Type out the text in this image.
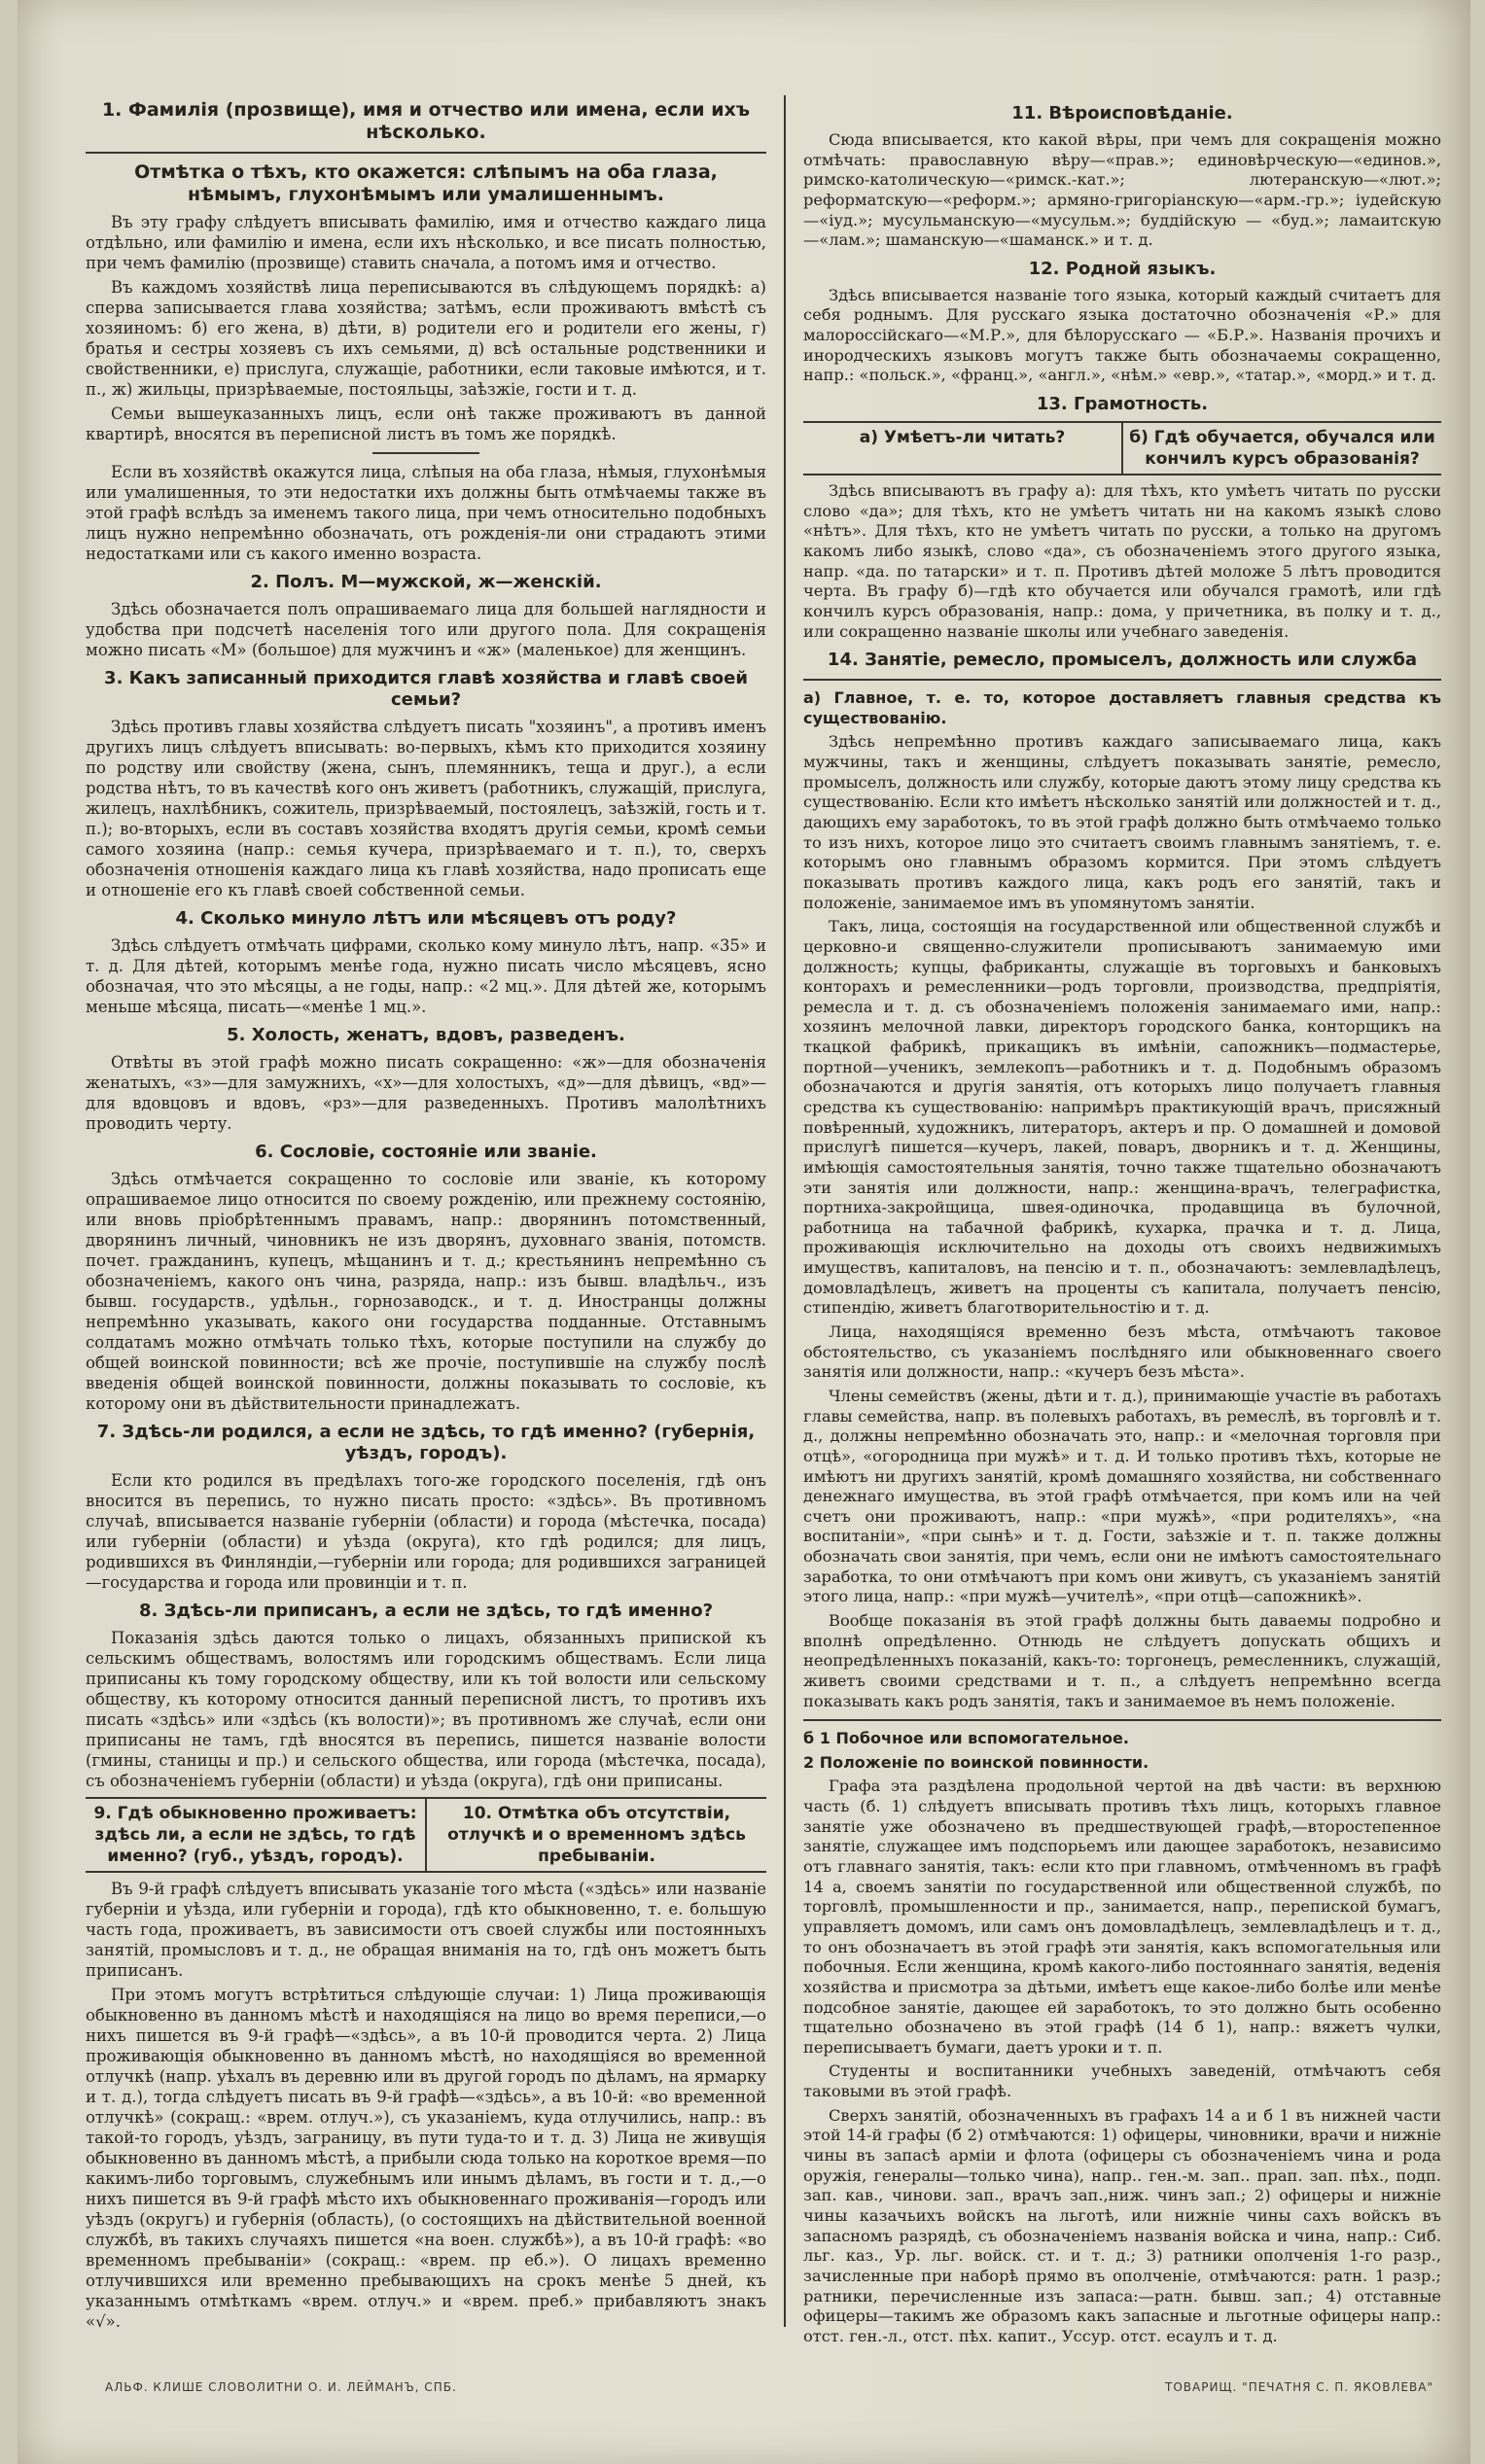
1. Фамилія (прозвище), имя и отчество или имена, если ихъ нѣсколько.
Отмѣтка о тѣхъ, кто окажется: слѣпымъ на оба глаза, нѣмымъ, глухонѣмымъ или умалишеннымъ.

Въ эту графу слѣдуетъ вписывать фамилію, имя и отчество каждаго лица отдѣльно, или фамилію и имена, если ихъ нѣсколько, и все писать полностью, при чемъ фамилію (прозвище) ставить сначала, а потомъ имя и отчество.

Въ каждомъ хозяйствѣ лица переписываются въ слѣдующемъ порядкѣ: а) сперва записывается глава хозяйства; затѣмъ, если проживаютъ вмѣстѣ съ хозяиномъ: б) его жена, в) дѣти, в) родители его и родители его жены, г) братья и сестры хозяевъ съ ихъ семьями, д) всѣ остальные родственники и свойственники, е) прислуга, служащіе, работники, если таковые имѣются, и т. п., ж) жильцы, призрѣваемые, постояльцы, заѣзжіе, гости и т. д.

Семьи вышеуказанныхъ лицъ, если онѣ также проживаютъ въ данной квартирѣ, вносятся въ переписной листъ въ томъ же порядкѣ.

Если въ хозяйствѣ окажутся лица, слѣпыя на оба глаза, нѣмыя, глухонѣмыя или умалишенныя, то эти недостатки ихъ должны быть отмѣчаемы также въ этой графѣ вслѣдъ за именемъ такого лица, при чемъ относительно подобныхъ лицъ нужно непремѣнно обозначать, отъ рожденія-ли они страдаютъ этими недостатками или съ какого именно возраста.

2. Полъ. М—мужской, ж—женскій.

Здѣсь обозначается полъ опрашиваемаго лица для большей наглядности и удобства при подсчетѣ населенія того или другого пола. Для сокращенія можно писать «М» (большое) для мужчинъ и «ж» (маленькое) для женщинъ.

3. Какъ записанный приходится главѣ хозяйства и главѣ своей семьи?

Здѣсь противъ главы хозяйства слѣдуетъ писать "хозяинъ", а противъ именъ другихъ лицъ слѣдуетъ вписывать: во-первыхъ, кѣмъ кто приходится хозяину по родству или свойству (жена, сынъ, племянникъ, теща и друг.), а если родства нѣтъ, то въ качествѣ кого онъ живетъ (работникъ, служащій, прислуга, жилецъ, нахлѣбникъ, сожитель, призрѣваемый, постоялецъ, заѣзжій, гость и т. п.); во-вторыхъ, если въ составъ хозяйства входятъ другія семьи, кромѣ семьи самого хозяина (напр.: семья кучера, призрѣваемаго и т. п.), то, сверхъ обозначенія отношенія каждаго лица къ главѣ хозяйства, надо прописать еще и отношеніе его къ главѣ своей собственной семьи.

4. Сколько минуло лѣтъ или мѣсяцевъ отъ роду?

Здѣсь слѣдуетъ отмѣчать цифрами, сколько кому минуло лѣтъ, напр. «35» и т. д. Для дѣтей, которымъ менѣе года, нужно писать число мѣсяцевъ, ясно обозначая, что это мѣсяцы, а не годы, напр.: «2 мц.». Для дѣтей же, которымъ меньше мѣсяца, писать—«менѣе 1 мц.».

5. Холость, женатъ, вдовъ, разведенъ.

Отвѣты въ этой графѣ можно писать сокращенно: «ж»—для обозначенія женатыхъ, «з»—для замужнихъ, «х»—для холостыхъ, «д»—для дѣвицъ, «вд»—для вдовцовъ и вдовъ, «рз»—для разведенныхъ. Противъ малолѣтнихъ проводить черту.

6. Сословіе, состояніе или званіе.

Здѣсь отмѣчается сокращенно то сословіе или званіе, къ которому опрашиваемое лицо относится по своему рожденію, или прежнему состоянію, или вновь пріобрѣтеннымъ правамъ, напр.: дворянинъ потомственный, дворянинъ личный, чиновникъ не изъ дворянъ, духовнаго званія, потомств. почет. гражданинъ, купецъ, мѣщанинъ и т. д.; крестьянинъ непремѣнно съ обозначеніемъ, какого онъ чина, разряда, напр.: изъ бывш. владѣльч., изъ бывш. государств., удѣльн., горнозаводск., и т. д. Иностранцы должны непремѣнно указывать, какого они государства подданные. Отставнымъ солдатамъ можно отмѣчать только тѣхъ, которые поступили на службу до общей воинской повинности; всѣ же прочіе, поступившіе на службу послѣ введенія общей воинской повинности, должны показывать то сословіе, къ которому они въ дѣйствительности принадлежатъ.

7. Здѣсь-ли родился, а если не здѣсь, то гдѣ именно? (губернія, уѣздъ, городъ).

Если кто родился въ предѣлахъ того-же городского поселенія, гдѣ онъ вносится въ перепись, то нужно писать просто: «здѣсь». Въ противномъ случаѣ, вписывается названіе губерніи (области) и города (мѣстечка, посада) или губерніи (области) и уѣзда (округа), кто гдѣ родился; для лицъ, родившихся въ Финляндіи,—губерніи или города; для родившихся заграницей—государства и города или провинціи и т. п.

8. Здѣсь-ли приписанъ, а если не здѣсь, то гдѣ именно?

Показанія здѣсь даются только о лицахъ, обязанныхъ припиской къ сельскимъ обществамъ, волостямъ или городскимъ обществамъ. Если лица приписаны къ тому городскому обществу, или къ той волости или сельскому обществу, къ которому относится данный переписной листъ, то противъ ихъ писать «здѣсь» или «здѣсь (къ волости)»; въ противномъ же случаѣ, если они приписаны не тамъ, гдѣ вносятся въ перепись, пишется названіе волости (гмины, станицы и пр.) и сельского общества, или города (мѣстечка, посада), съ обозначеніемъ губерніи (области) и уѣзда (округа), гдѣ они приписаны.

9. Гдѣ обыкновенно проживаетъ: здѣсь ли, а если не здѣсь, то гдѣ именно? (губ., уѣздъ, городъ).
10. Отмѣтка объ отсутствіи, отлучкѣ и о временномъ здѣсь пребываніи.

Въ 9-й графѣ слѣдуетъ вписывать указаніе того мѣста («здѣсь» или названіе губерніи и уѣзда, или губерніи и города), гдѣ кто обыкновенно, т. е. большую часть года, проживаетъ, въ зависимости отъ своей службы или постоянныхъ занятій, промысловъ и т. д., не обращая вниманія на то, гдѣ онъ можетъ быть приписанъ.

При этомъ могутъ встрѣтиться слѣдующіе случаи: 1) Лица проживающія обыкновенно въ данномъ мѣстѣ и находящіяся на лицо во время переписи,—о нихъ пишется въ 9-й графѣ—«здѣсь», а въ 10-й проводится черта. 2) Лица проживающія обыкновенно въ данномъ мѣстѣ, но находящіяся во временной отлучкѣ (напр. уѣхалъ въ деревню или въ другой городъ по дѣламъ, на ярмарку и т. д.), тогда слѣдуетъ писать въ 9-й графѣ—«здѣсь», а въ 10-й: «во временной отлучкѣ» (сокращ.: «врем. отлуч.»), съ указаніемъ, куда отлучились, напр.: въ такой-то городъ, уѣздъ, заграницу, въ пути туда-то и т. д. 3) Лица не живущія обыкновенно въ данномъ мѣстѣ, а прибыли сюда только на короткое время—по какимъ-либо торговымъ, служебнымъ или инымъ дѣламъ, въ гости и т. д.,—о нихъ пишется въ 9-й графѣ мѣсто ихъ обыкновеннаго проживанія—городъ или уѣздъ (округъ) и губернія (область), (о состоящихъ на дѣйствительной военной службѣ, въ такихъ случаяхъ пишется «на воен. службѣ»), а въ 10-й графѣ: «во временномъ пребываніи» (сокращ.: «врем. пр еб.»). О лицахъ временно отлучившихся или временно пребывающихъ на срокъ менѣе 5 дней, къ указаннымъ отмѣткамъ «врем. отлуч.» и «врем. преб.» прибавляютъ знакъ «√».

11. Вѣроисповѣданіе.

Сюда вписывается, кто какой вѣры, при чемъ для сокращенія можно отмѣчать: православную вѣру—«прав.»; единовѣрческую—«единов.», римско-католическую—«римск.-кат.»; лютеранскую—«лют.»; реформатскую—«реформ.»; армяно-григоріанскую—«арм.-гр.»; іудейскую—«іуд.»; мусульманскую—«мусульм.»; буддійскую — «буд.»; ламаитскую—«лам.»; шаманскую—«шаманск.» и т. д.

12. Родной языкъ.

Здѣсь вписывается названіе того языка, который каждый считаетъ для себя роднымъ. Для русскаго языка достаточно обозначенія «Р.» для малороссійскаго—«М.Р.», для бѣлорусскаго — «Б.Р.». Названія прочихъ и инородческихъ языковъ могутъ также быть обозначаемы сокращенно, напр.: «польск.», «франц.», «англ.», «нѣм.» «евр.», «татар.», «морд.» и т. д.

13. Грамотность.
а) Умѣетъ-ли читать?	б) Гдѣ обучается, обучался или кончилъ курсъ образованія?

Здѣсь вписываютъ въ графу а): для тѣхъ, кто умѣетъ читать по русски слово «да»; для тѣхъ, кто не умѣетъ читать ни на какомъ языкѣ слово «нѣтъ». Для тѣхъ, кто не умѣетъ читать по русски, а только на другомъ какомъ либо языкѣ, слово «да», съ обозначеніемъ этого другого языка, напр. «да. по татарски» и т. п. Противъ дѣтей моложе 5 лѣтъ проводится черта. Въ графу б)—гдѣ кто обучается или обучался грамотѣ, или гдѣ кончилъ курсъ образованія, напр.: дома, у причетника, въ полку и т. д., или сокращенно названіе школы или учебнаго заведенія.

14. Занятіе, ремесло, промыселъ, должность или служба
а) Главное, т. е. то, которое доставляетъ главныя средства къ существованію.

Здѣсь непремѣнно противъ каждаго записываемаго лица, какъ мужчины, такъ и женщины, слѣдуетъ показывать занятіе, ремесло, промыселъ, должность или службу, которые даютъ этому лицу средства къ существованію. Если кто имѣетъ нѣсколько занятій или должностей и т. д., дающихъ ему заработокъ, то въ этой графѣ должно быть отмѣчаемо только то изъ нихъ, которое лицо это считаетъ своимъ главнымъ занятіемъ, т. е. которымъ оно главнымъ образомъ кормится. При этомъ слѣдуетъ показывать противъ каждого лица, какъ родъ его занятій, такъ и положеніе, занимаемое имъ въ упомянутомъ занятіи.

Такъ, лица, состоящія на государственной или общественной службѣ и церковно-и священно-служители прописываютъ занимаемую ими должность; купцы, фабриканты, служащіе въ торговыхъ и банковыхъ конторахъ и ремесленники—родъ торговли, производства, предпріятія, ремесла и т. д. съ обозначеніемъ положенія занимаемаго ими, напр.: хозяинъ мелочной лавки, директоръ городского банка, конторщикъ на ткацкой фабрикѣ, прикащикъ въ имѣніи, сапожникъ—подмастерье, портной—ученикъ, землекопъ—работникъ и т. д. Подобнымъ образомъ обозначаются и другія занятія, отъ которыхъ лицо получаетъ главныя средства къ существованію: напримѣръ практикующій врачъ, присяжный повѣренный, художникъ, литераторъ, актеръ и пр. О домашней и домовой прислугѣ пишется—кучеръ, лакей, поваръ, дворникъ и т. д. Женщины, имѣющія самостоятельныя занятія, точно также тщательно обозначаютъ эти занятія или должности, напр.: женщина-врачъ, телеграфистка, портниха-закройщица, швея-одиночка, продавщица въ булочной, работница на табачной фабрикѣ, кухарка, прачка и т. д. Лица, проживающія исключительно на доходы отъ своихъ недвижимыхъ имуществъ, капиталовъ, на пенсію и т. п., обозначаютъ: землевладѣлецъ, домовладѣлецъ, живетъ на проценты съ капитала, получаетъ пенсію, стипендію, живетъ благотворительностію и т. д.

Лица, находящіяся временно безъ мѣста, отмѣчаютъ таковое обстоятельство, съ указаніемъ послѣдняго или обыкновеннаго своего занятія или должности, напр.: «кучеръ безъ мѣста».

Члены семействъ (жены, дѣти и т. д.), принимающіе участіе въ работахъ главы семейства, напр. въ полевыхъ работахъ, въ ремеслѣ, въ торговлѣ и т. д., должны непремѣнно обозначать это, напр.: и «мелочная торговля при отцѣ», «огородница при мужѣ» и т. д. И только противъ тѣхъ, которые не имѣютъ ни другихъ занятій, кромѣ домашняго хозяйства, ни собственнаго денежнаго имущества, въ этой графѣ отмѣчается, при комъ или на чей счетъ они проживаютъ, напр.: «при мужѣ», «при родителяхъ», «на воспитаніи», «при сынѣ» и т. д. Гости, заѣзжіе и т. п. также должны обозначать свои занятія, при чемъ, если они не имѣютъ самостоятельнаго заработка, то они отмѣчаютъ при комъ они живутъ, съ указаніемъ занятій этого лица, напр.: «при мужѣ—учителѣ», «при отцѣ—сапожникѣ».

Вообще показанія въ этой графѣ должны быть даваемы подробно и вполнѣ опредѣленно. Отнюдь не слѣдуетъ допускать общихъ и неопредѣленныхъ показаній, какъ-то: торгонецъ, ремесленникъ, служащій, живетъ своими средствами и т. п., а слѣдуетъ непремѣнно всегда показывать какъ родъ занятія, такъ и занимаемое въ немъ положеніе.

б 1 Побочное или вспомогательное.
2 Положеніе по воинской повинности.

Графа эта раздѣлена продольной чертой на двѣ части: въ верхнюю часть (б. 1) слѣдуетъ вписывать противъ тѣхъ лицъ, которыхъ главное занятіе уже обозначено въ предшествующей графѣ,—второстепенное занятіе, служащее имъ подспорьемъ или дающее заработокъ, независимо отъ главнаго занятія, такъ: если кто при главномъ, отмѣченномъ въ графѣ 14 а, своемъ занятіи по государственной или общественной службѣ, по торговлѣ, промышленности и пр., занимается, напр., перепиской бумагъ, управляетъ домомъ, или самъ онъ домовладѣлецъ, землевладѣлецъ и т. д., то онъ обозначаетъ въ этой графѣ эти занятія, какъ вспомогательныя или побочныя. Если женщина, кромѣ какого-либо постояннаго занятія, веденія хозяйства и присмотра за дѣтьми, имѣетъ еще какое-либо болѣе или менѣе подсобное занятіе, дающее ей заработокъ, то это должно быть особенно тщательно обозначено въ этой графѣ (14 б 1), напр.: вяжетъ чулки, переписываетъ бумаги, даетъ уроки и т. п.

Студенты и воспитанники учебныхъ заведеній, отмѣчаютъ себя таковыми въ этой графѣ.

Сверхъ занятій, обозначенныхъ въ графахъ 14 а и б 1 въ нижней части этой 14-й графы (б 2) отмѣчаются: 1) офицеры, чиновники, врачи и нижніе чины въ запасѣ арміи и флота (офицеры съ обозначеніемъ чина и рода оружія, генералы—только чина), напр.. ген.-м. зап.. прап. зап. пѣх., подп. зап. кав., чинови. зап., врачъ зап.,ниж. чинъ зап.; 2) офицеры и нижніе чины казачьихъ войскъ на льготѣ, или нижніе чины сахъ войскъ въ запасномъ разрядѣ, съ обозначеніемъ названія войска и чина, напр.: Сиб. льг. каз., Ур. льг. войск. ст. и т. д.; 3) ратники ополченія 1-го разр., зачисленные при наборѣ прямо въ ополченіе, отмѣчаются: ратн. 1 разр.; ратники, перечисленные изъ запаса:—ратн. бывш. зап.; 4) отставные офицеры—такимъ же образомъ какъ запасные и льготные офицеры напр.: отст. ген.-л., отст. пѣх. капит., Уссур. отст. есаулъ и т. д.

АЛЬФ. КЛИШЕ СЛОВОЛИТНИ О. И. ЛЕЙМАНЪ, СПБ.	ТОВАРИЩ. "ПЕЧАТНЯ С. П. ЯКОВЛЕВА"
